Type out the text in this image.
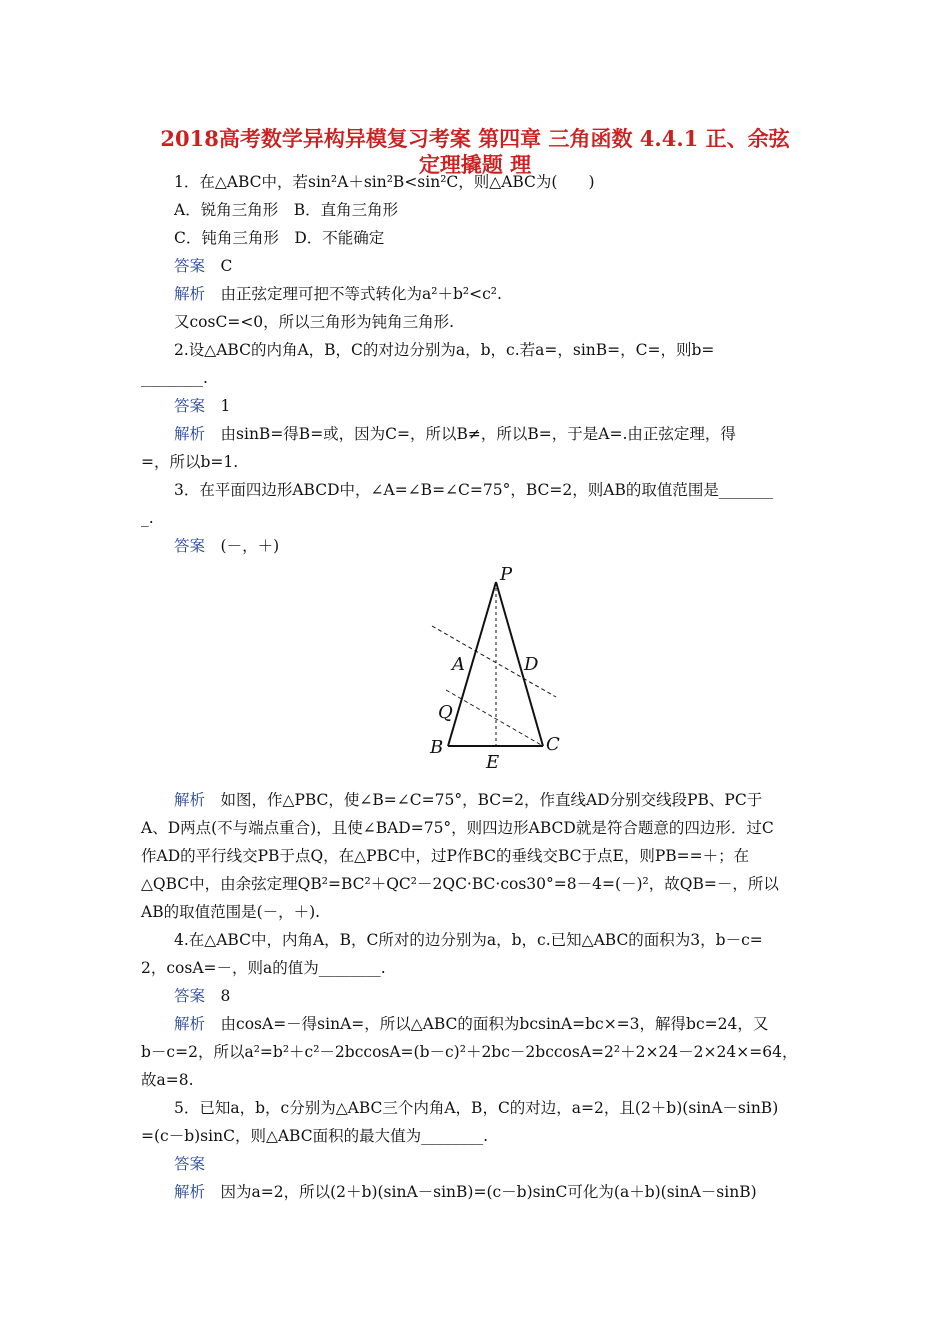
2018高考数学异构异模复习考案 第四章 三角函数 4.4.1 正、余弦
定理撬题 理
1．在△ABC中，若sin²A＋sin²B<sin²C，则△ABC为(　　)
A．锐角三角形　B．直角三角形
C．钝角三角形　D．不能确定
答案　 C
解析　 由正弦定理可把不等式转化为a²＋b²<c².
又cosC=<0，所以三角形为钝角三角形.
2.设△ABC的内角A，B，C的对边分别为a，b，c.若a=，sinB=，C=，则b=
________.
答案　 1
解析　 由sinB=得B=或，因为C=，所以B≠，所以B=，于是A=.由正弦定理，得
=，所以b=1.
3．在平面四边形ABCD中，∠A=∠B=∠C=75°，BC=2，则AB的取值范围是_______
_.
答案　 (－，＋)
P
A	D
Q
B	C
E
解析　 如图，作△PBC，使∠B=∠C=75°，BC=2，作直线AD分别交线段PB、PC于
A、D两点(不与端点重合)，且使∠BAD=75°，则四边形ABCD就是符合题意的四边形．过C
作AD的平行线交PB于点Q，在△PBC中，过P作BC的垂线交BC于点E，则PB==＋；在
△QBC中，由余弦定理QB²=BC²＋QC²－2QC·BC·cos30°=8－4=(－)²，故QB=－，所以
AB的取值范围是(－，＋).
4.在△ABC中，内角A，B，C所对的边分别为a，b，c.已知△ABC的面积为3，b－c=
2，cosA=－，则a的值为________.
答案　 8
解析　 由cosA=－得sinA=，所以△ABC的面积为bcsinA=bc×=3，解得bc=24，又
b－c=2，所以a²=b²＋c²－2bccosA=(b－c)²＋2bc－2bccosA=2²＋2×24－2×24×=64，
故a=8.
5．已知a，b，c分别为△ABC三个内角A，B，C的对边，a=2，且(2＋b)(sinA－sinB)
=(c－b)sinC，则△ABC面积的最大值为________.
答案　
解析　 因为a=2，所以(2＋b)(sinA－sinB)=(c－b)sinC可化为(a＋b)(sinA－sinB)
